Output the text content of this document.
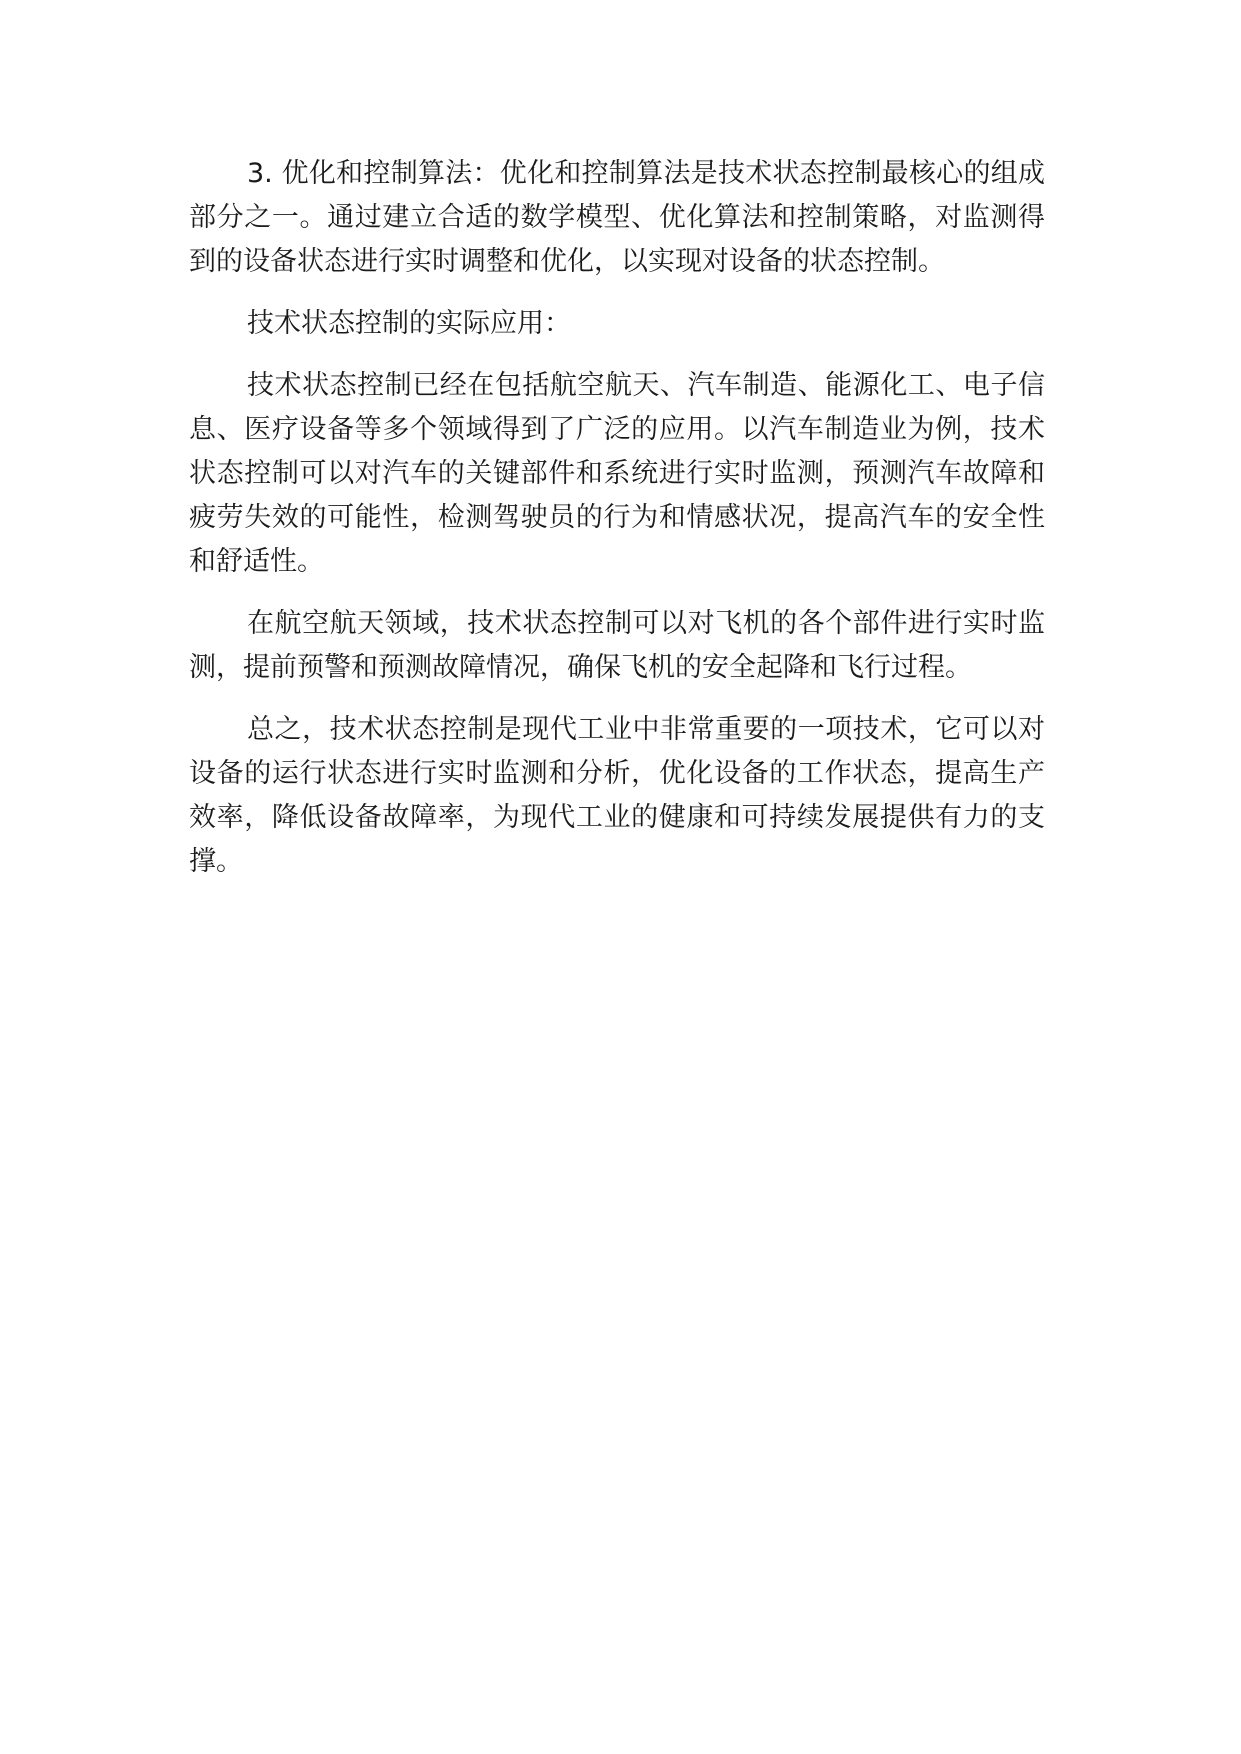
3. 优化和控制算法：优化和控制算法是技术状态控制最核心的组成部分之一。通过建立合适的数学模型、优化算法和控制策略，对监测得到的设备状态进行实时调整和优化，以实现对设备的状态控制。

技术状态控制的实际应用：

技术状态控制已经在包括航空航天、汽车制造、能源化工、电子信息、医疗设备等多个领域得到了广泛的应用。以汽车制造业为例，技术状态控制可以对汽车的关键部件和系统进行实时监测，预测汽车故障和疲劳失效的可能性，检测驾驶员的行为和情感状况，提高汽车的安全性和舒适性。

在航空航天领域，技术状态控制可以对飞机的各个部件进行实时监测，提前预警和预测故障情况，确保飞机的安全起降和飞行过程。

总之，技术状态控制是现代工业中非常重要的一项技术，它可以对设备的运行状态进行实时监测和分析，优化设备的工作状态，提高生产效率，降低设备故障率，为现代工业的健康和可持续发展提供有力的支撑。
